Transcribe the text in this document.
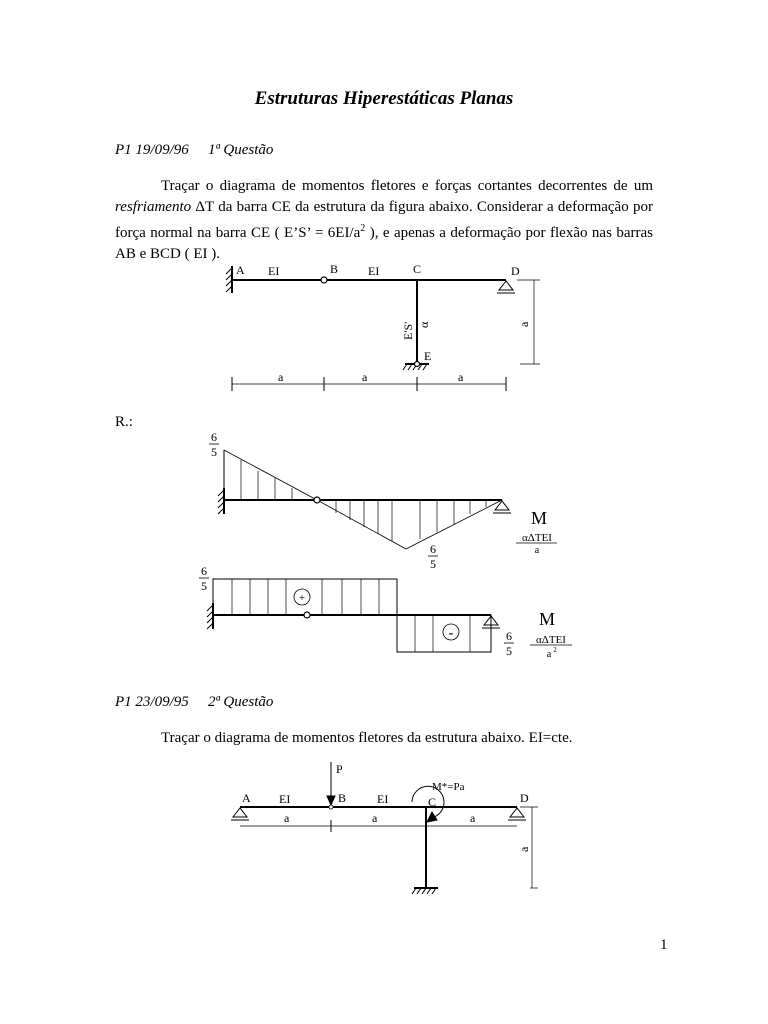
Estruturas Hiperestáticas Planas
P1 19/09/96 1ª Questão

Traçar o diagrama de momentos fletores e forças cortantes decorrentes de um resfriamento ΔT da barra CE da estrutura da figura abaixo. Considerar a deformação por força normal na barra CE ( E’S’ = $6EI/a^2$ ), e apenas a deformação por flexão nas barras AB e BCD ( EI ).

A EI	B EI	C	D
E
a	a	a
a
E'S' α
R.:
6
5
6
5
M
αΔTEI
a
+
-
6
5
6
5
M
αΔTEI
a 2
P1 23/09/95 2ª Questão
Traçar o diagrama de momentos fletores da estrutura abaixo. EI=cte.
P
M*=Pa
A EI	B	EI	C	D
a	a	a
a
1
